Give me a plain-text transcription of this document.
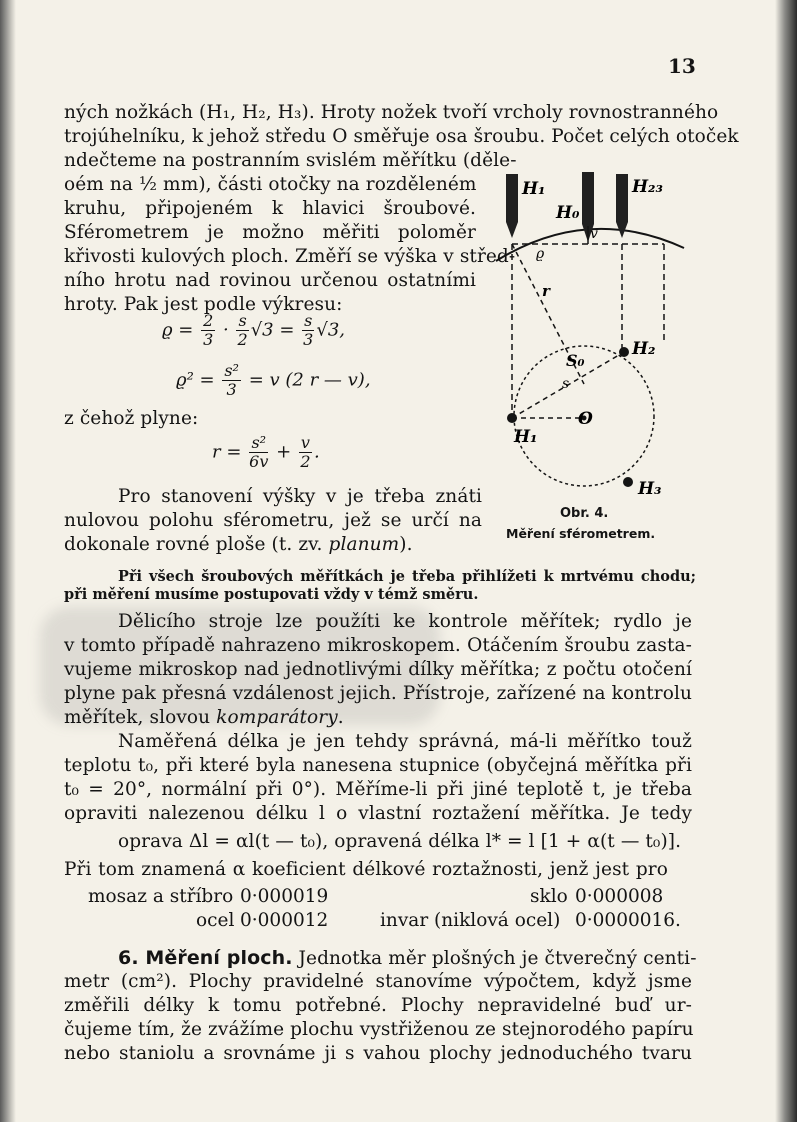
13
ných nožkách (H₁, H₂, H₃). Hroty nožek tvoří vrcholy rovnostranného
trojúhelníku, k jehož středu O směřuje osa šroubu. Počet celých otoček
ndečteme na postranním svislém měřítku (děle-
oém na ½ mm), části otočky na rozděleném
kruhu, připojeném k hlavici šroubové.
Sférometrem je možno měřiti poloměr
křivosti kulových ploch. Změří se výška v střed-
ního hrotu nad rovinou určenou ostatními
hroty. Pak jest podle výkresu:
$ϱ = \frac{2}{3} \cdot \frac{s}{2} √3 = \frac{s}{3} √3$,
$ϱ^2 = \frac{\text{s²}}{3} = v$ (2 r — v),
z čehož plyne:
$r = \frac{\text{s²}}{6v} + \frac{v}{2}$ .
Pro stanovení výšky v je třeba znáti
nulovou polohu sférometru, jež se určí na
dokonale rovné ploše (t. zv. planum).
H₁
H₀
H₂₃
v
ϱ
r
S₀
s
H₂
O
H₁
H₃
Obr. 4.
Měření sférometrem.
Při všech šroubových měřítkách je třeba přihlížeti k mrtvému chodu;
při měření musíme postupovati vždy v témž směru.
Dělicího stroje lze použíti ke kontrole měřítek; rydlo je
v tomto případě nahrazeno mikroskopem. Otáčením šroubu zasta-
vujeme mikroskop nad jednotlivými dílky měřítka; z počtu otočení
plyne pak přesná vzdálenost jejich. Přístroje, zařízené na kontrolu
měřítek, slovou komparátory.
Naměřená délka je jen tehdy správná, má-li měřítko touž
teplotu t₀, při které byla nanesena stupnice (obyčejná měřítka při
t₀ = 20°, normální při 0°). Měříme-li při jiné teplotě t, je třeba
opraviti nalezenou délku l o vlastní roztažení měřítka. Je tedy
oprava Δl = αl(t — t₀), opravená délka l* = l [1 + α(t — t₀)].
Při tom znamená α koeficient délkové roztažnosti, jenž jest pro
mosaz a stříbro 0·000019	sklo 0·000008
ocel 0·000012	invar (niklová ocel) 0·0000016.
6. Měření ploch. Jednotka měr plošných je čtverečný centi-
metr (cm²). Plochy pravidelné stanovíme výpočtem, když jsme
změřili délky k tomu potřebné. Plochy nepravidelné buď ur-
čujeme tím, že zvážíme plochu vystřiženou ze stejnorodého papíru
nebo staniolu a srovnáme ji s vahou plochy jednoduchého tvaru
